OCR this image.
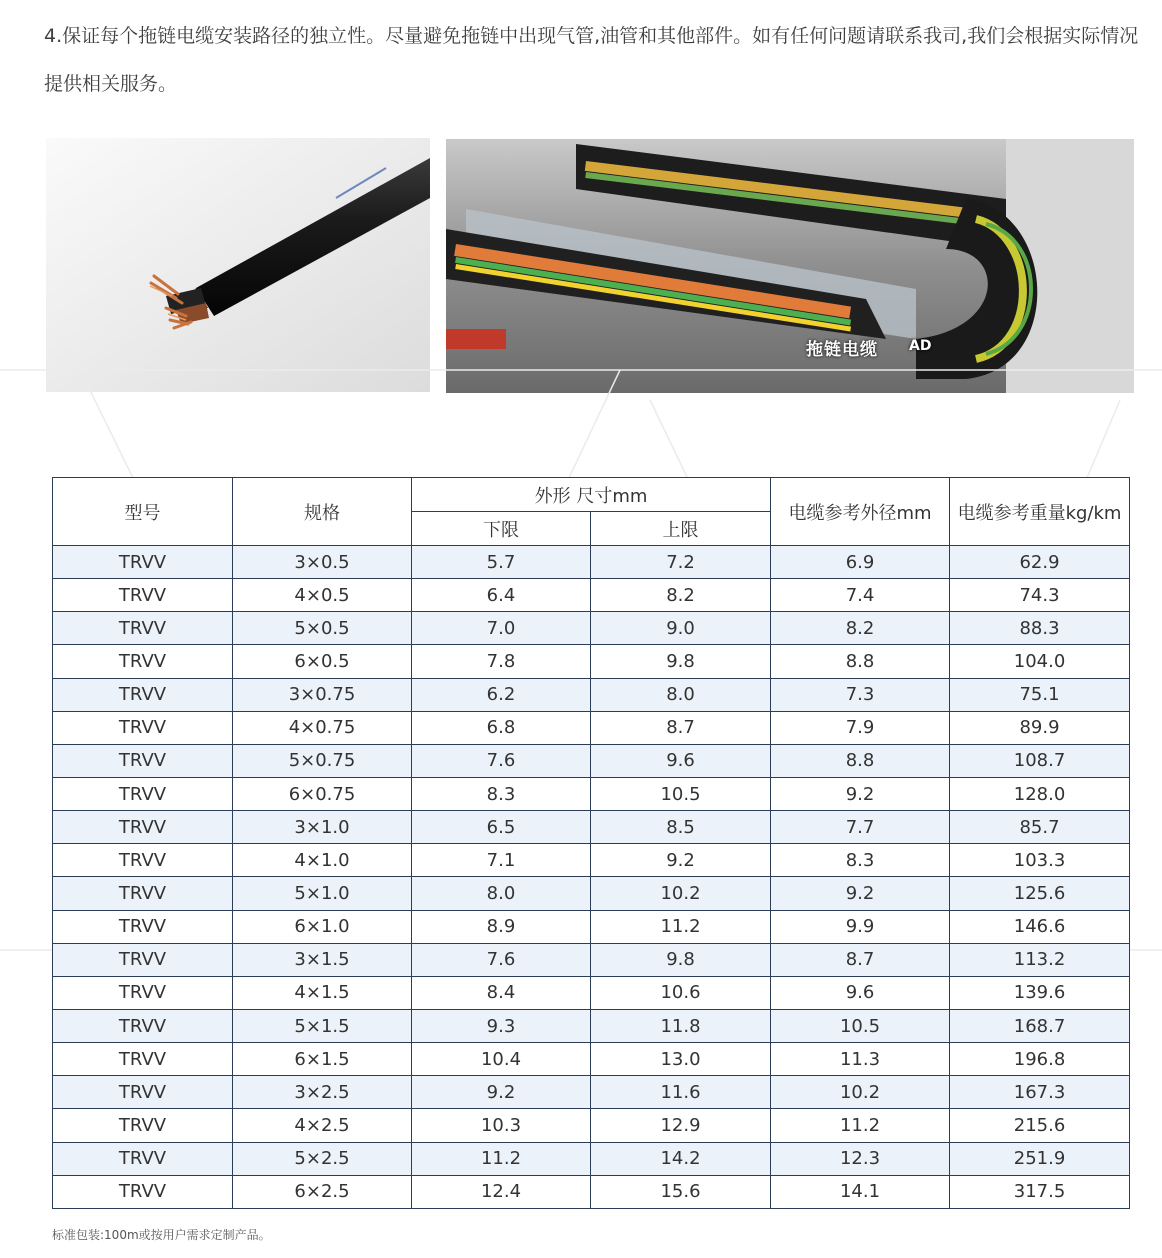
4.保证每个拖链电缆安装路径的独立性。尽量避免拖链中出现气管,油管和其他部件。如有任何问题请联系我司,我们会根据实际情况提供相关服务。

拖链电缆 AD
型号	规格	外形 尺寸mm		电缆参考外径mm	电缆参考重量kg/km
		下限	上限		
TRVV	3×0.5	5.7	7.2	6.9	62.9
TRVV	4×0.5	6.4	8.2	7.4	74.3
TRVV	5×0.5	7.0	9.0	8.2	88.3
TRVV	6×0.5	7.8	9.8	8.8	104.0
TRVV	3×0.75	6.2	8.0	7.3	75.1
TRVV	4×0.75	6.8	8.7	7.9	89.9
TRVV	5×0.75	7.6	9.6	8.8	108.7
TRVV	6×0.75	8.3	10.5	9.2	128.0
TRVV	3×1.0	6.5	8.5	7.7	85.7
TRVV	4×1.0	7.1	9.2	8.3	103.3
TRVV	5×1.0	8.0	10.2	9.2	125.6
TRVV	6×1.0	8.9	11.2	9.9	146.6
TRVV	3×1.5	7.6	9.8	8.7	113.2
TRVV	4×1.5	8.4	10.6	9.6	139.6
TRVV	5×1.5	9.3	11.8	10.5	168.7
TRVV	6×1.5	10.4	13.0	11.3	196.8
TRVV	3×2.5	9.2	11.6	10.2	167.3
TRVV	4×2.5	10.3	12.9	11.2	215.6
TRVV	5×2.5	11.2	14.2	12.3	251.9
TRVV	6×2.5	12.4	15.6	14.1	317.5

标准包装:100m或按用户需求定制产品。
